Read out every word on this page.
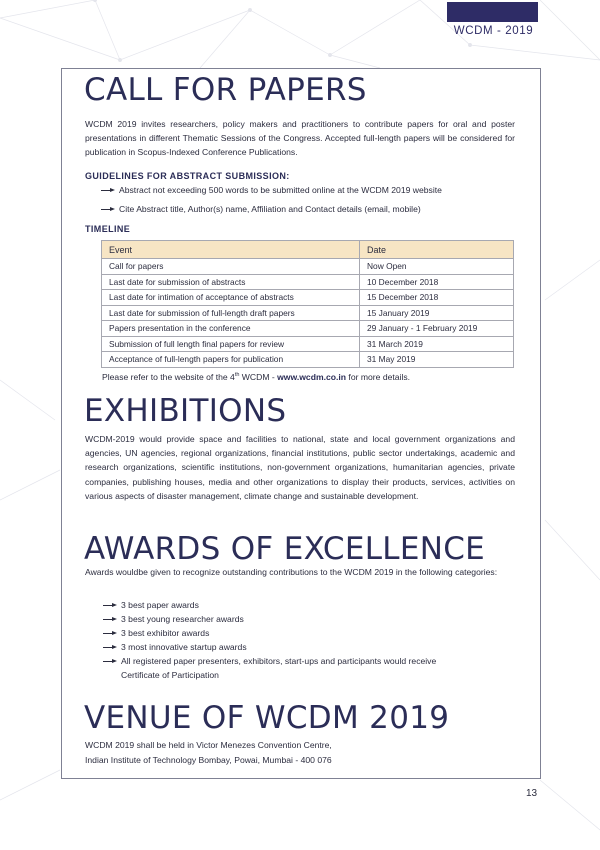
WCDM - 2019
CALL FOR PAPERS

WCDM 2019 invites researchers, policy makers and practitioners to contribute papers for oral and poster presentations in different Thematic Sessions of the Congress. Accepted full-length papers will be considered for publication in Scopus-Indexed Conference Publications.

GUIDELINES FOR ABSTRACT SUBMISSION:
Abstract not exceeding 500 words to be submitted online at the WCDM 2019 website
Cite Abstract title, Author(s) name, Affiliation and Contact details (email, mobile)
TIMELINE
Event	Date
Call for papers	Now Open
Last date for submission of abstracts	10 December 2018
Last date for intimation of acceptance of abstracts	15 December 2018
Last date for submission of full-length draft papers	15 January 2019
Papers presentation in the conference	29 January - 1 February 2019
Submission of full length final papers for review	31 March 2019
Acceptance of full-length papers for publication	31 May 2019
Please refer to the website of the 4th WCDM - www.wcdm.co.in for more details.
EXHIBITIONS

WCDM-2019 would provide space and facilities to national, state and local government organizations and agencies, UN agencies, regional organizations, financial institutions, public sector undertakings, academic and research organizations, scientific institutions, non-government organizations, humanitarian agencies, private companies, publishing houses, media and other organizations to display their products, services, activities on various aspects of disaster management, climate change and sustainable development.

AWARDS OF EXCELLENCE

Awards wouldbe given to recognize outstanding contributions to the WCDM 2019 in the following categories:

3 best paper awards
3 best young researcher awards
3 best exhibitor awards
3 most innovative startup awards
All registered paper presenters, exhibitors, start-ups and participants would receive
Certificate of Participation
VENUE OF WCDM 2019
WCDM 2019 shall be held in Victor Menezes Convention Centre,
Indian Institute of Technology Bombay, Powai, Mumbai - 400 076
13
